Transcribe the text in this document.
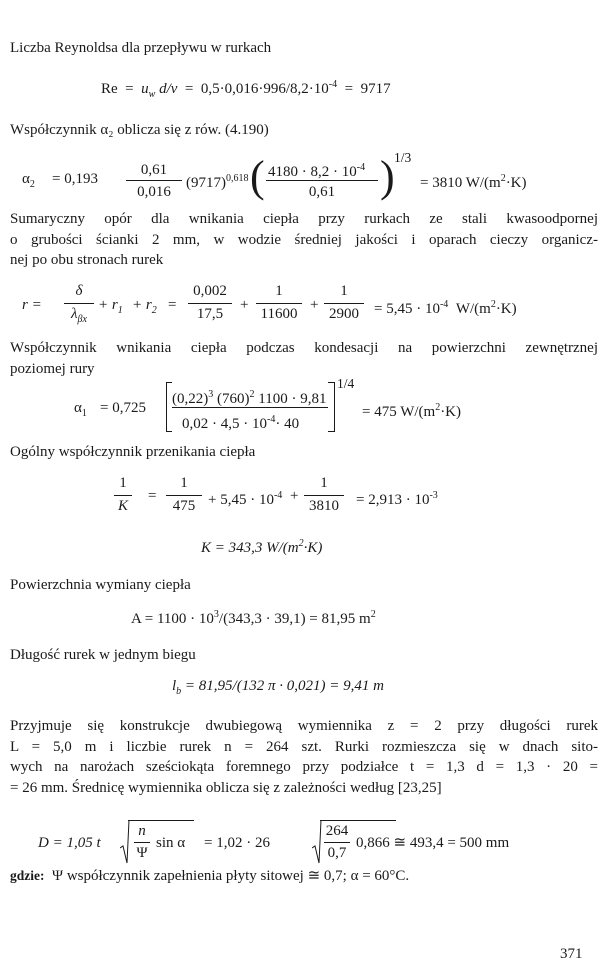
Liczba Reynoldsa dla przepływu w rurkach
$Re = u_w$ $d/\nu = 0,5\cdot 0,016\cdot 996/8,2\cdot 10^{-4} = 9717$
Współczynnik α₂ oblicza się z rów. (4.190)
$\alpha_2 = 0,193$
0,61
0,016
$(9717)^{0,618}$ ( $4180 \cdot 8,2 \cdot 10^{-4}$
0,61	) 1/3
= 3810 $W/(m^2\cdot K)$
Sumaryczny opór dla wnikania ciepła przy rurkach ze stali kwasoodpornej
o grubości ścianki 2 mm, w wodzie średniej jakości i oparach cieczy organicz-
nej po obu stronach rurek
r =
δ
$\lambda_{\beta x}$
+ $r_1 + r_2$ =
0,002
17,5
+
1
11600
+
1
2900	= $5,45 \cdot 10^{-4}$ $W/(m^2\cdot K)$
Współczynnik wnikania ciepła podczas kondesacji na powierzchni zewnętrznej
poziomej rury
$\alpha_1 = 0,725$
$(0,22)^3$ $(760)^2$ 1100 · 9,81
$0,02 \cdot 4,5 \cdot 10^{-4}\cdot 40$
1/4
= 475 $W/(m^2\cdot K)$
Ogólny współczynnik przenikania ciepła
1
K
=
1
$475 + 5,45 \cdot 10^{-4}$ +
1
3810	= $2,913 \cdot 10^{-3}$
K = 343,3 $W/(m^2\cdot K)$
Powierzchnia wymiany ciepła
$A = 1100 \cdot 10^3/(343,3 \cdot 39,1) = 81,95$ $m^2$
Długość rurek w jednym biegu
$l_b = 81,95/(132$ π · 0,021) = 9,41 m
Przyjmuje się konstrukcje dwubiegową wymiennika z = 2 przy długości rurek
L = 5,0 m i liczbie rurek n = 264 szt. Rurki rozmieszcza się w dnach sito-
wych na narożach sześciokąta foremnego przy podziałce t = 1,3 d = 1,3 · 20 =
= 26 mm. Średnicę wymiennika oblicza się z zależności według [23,25]
D = 1,05 t
n
Ψ
sin α = 1,02 · 26
264
0,7
0,866 ≅ 493,4 = 500 mm
gdzie: Ψ współczynnik zapełnienia płyty sitowej ≅ 0,7; α = 60°C.
371
